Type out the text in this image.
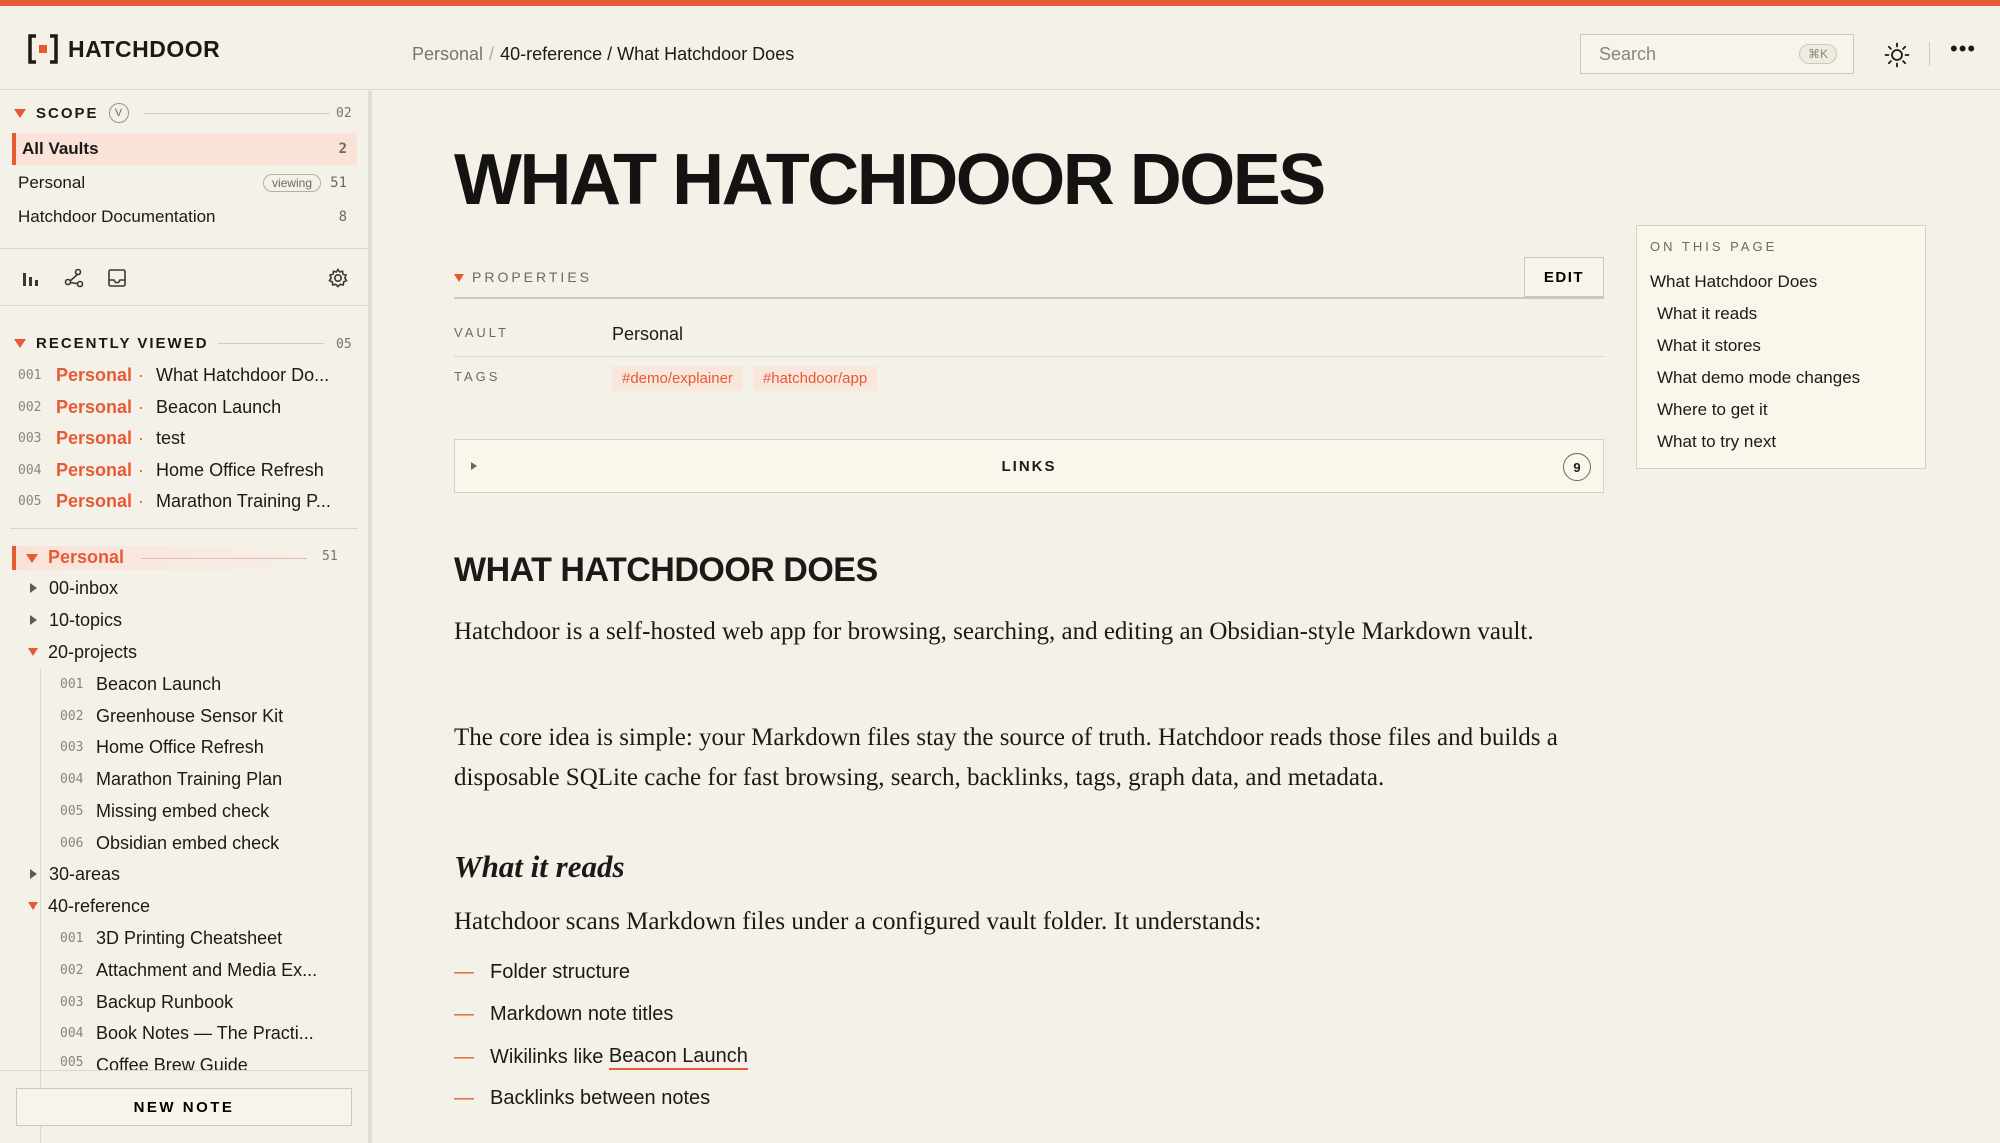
HATCHDOOR	Personal / 40-reference / What Hatchdoor Does	Search	⌘K	•••
SCOPE	V	02
All Vaults	2
Personal	viewing	51
Hatchdoor Documentation	8
RECENTLY VIEWED	05
001 Personal · What Hatchdoor Do...
002 Personal · Beacon Launch
003 Personal · test
004 Personal · Home Office Refresh
005 Personal · Marathon Training P...
Personal	51
00-inbox
10-topics
20-projects
001 Beacon Launch
002 Greenhouse Sensor Kit
003 Home Office Refresh
004 Marathon Training Plan
005 Missing embed check
006 Obsidian embed check
30-areas
40-reference
001 3D Printing Cheatsheet
002 Attachment and Media Ex...
003 Backup Runbook
004 Book Notes — The Practi...
005 Coffee Brew Guide
NEW NOTE
WHAT HATCHDOOR DOES
PROPERTIES	EDIT
VAULT	Personal
TAGS	#demo/explainer #hatchdoor/app
LINKS	9
WHAT HATCHDOOR DOES

Hatchdoor is a self-hosted web app for browsing, searching, and editing an Obsidian-style Markdown vault.

The core idea is simple: your Markdown files stay the source of truth. Hatchdoor reads those files and builds a disposable SQLite cache for fast browsing, search, backlinks, tags, graph data, and metadata.

What it reads

Hatchdoor scans Markdown files under a configured vault folder. It understands:

— Folder structure
— Markdown note titles
— Wikilinks like Beacon Launch
— Backlinks between notes
ON THIS PAGE
What Hatchdoor Does
What it reads
What it stores
What demo mode changes
Where to get it
What to try next
